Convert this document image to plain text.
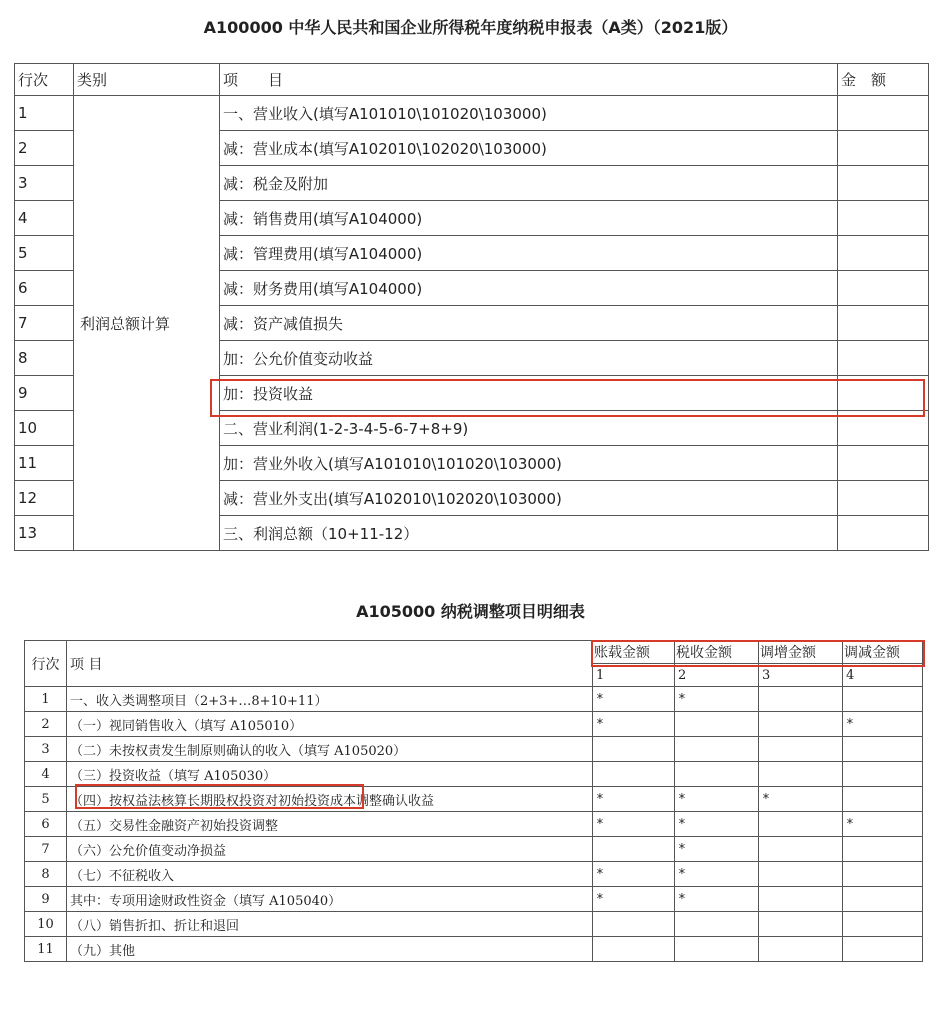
A100000 中华人民共和国企业所得税年度纳税申报表（A类）（2021版）
行次	类别	项　　目	金　额
1	利润总额计算	一、营业收入(填写A101010\101020\103000)	
2		减：营业成本(填写A102010\102020\103000)	
3		减：税金及附加	
4		减：销售费用(填写A104000)	
5		减：管理费用(填写A104000)	
6		减：财务费用(填写A104000)	
7		减：资产减值损失	
8		加：公允价值变动收益	
9		加：投资收益	
10		二、营业利润(1-2-3-4-5-6-7+8+9)	
11		加：营业外收入(填写A101010\101020\103000)	
12		减：营业外支出(填写A102010\102020\103000)	
13		三、利润总额（10+11-12）	
A105000 纳税调整项目明细表
行次	项 目	账载金额	税收金额	调增金额	调减金额
		1	2	3	4
1	一、收入类调整项目（2+3+…8+10+11）	*	*		
2	（一）视同销售收入（填写 A105010）	*			*
3	（二）未按权责发生制原则确认的收入（填写 A105020）				
4	（三）投资收益（填写 A105030）				
5	（四）按权益法核算长期股权投资对初始投资成本调整确认收益	*	*	*	
6	（五）交易性金融资产初始投资调整	*	*		*
7	（六）公允价值变动净损益		*		
8	（七）不征税收入	*	*		
9	其中：专项用途财政性资金（填写 A105040）	*	*		
10	（八）销售折扣、折让和退回				
11	（九）其他				
